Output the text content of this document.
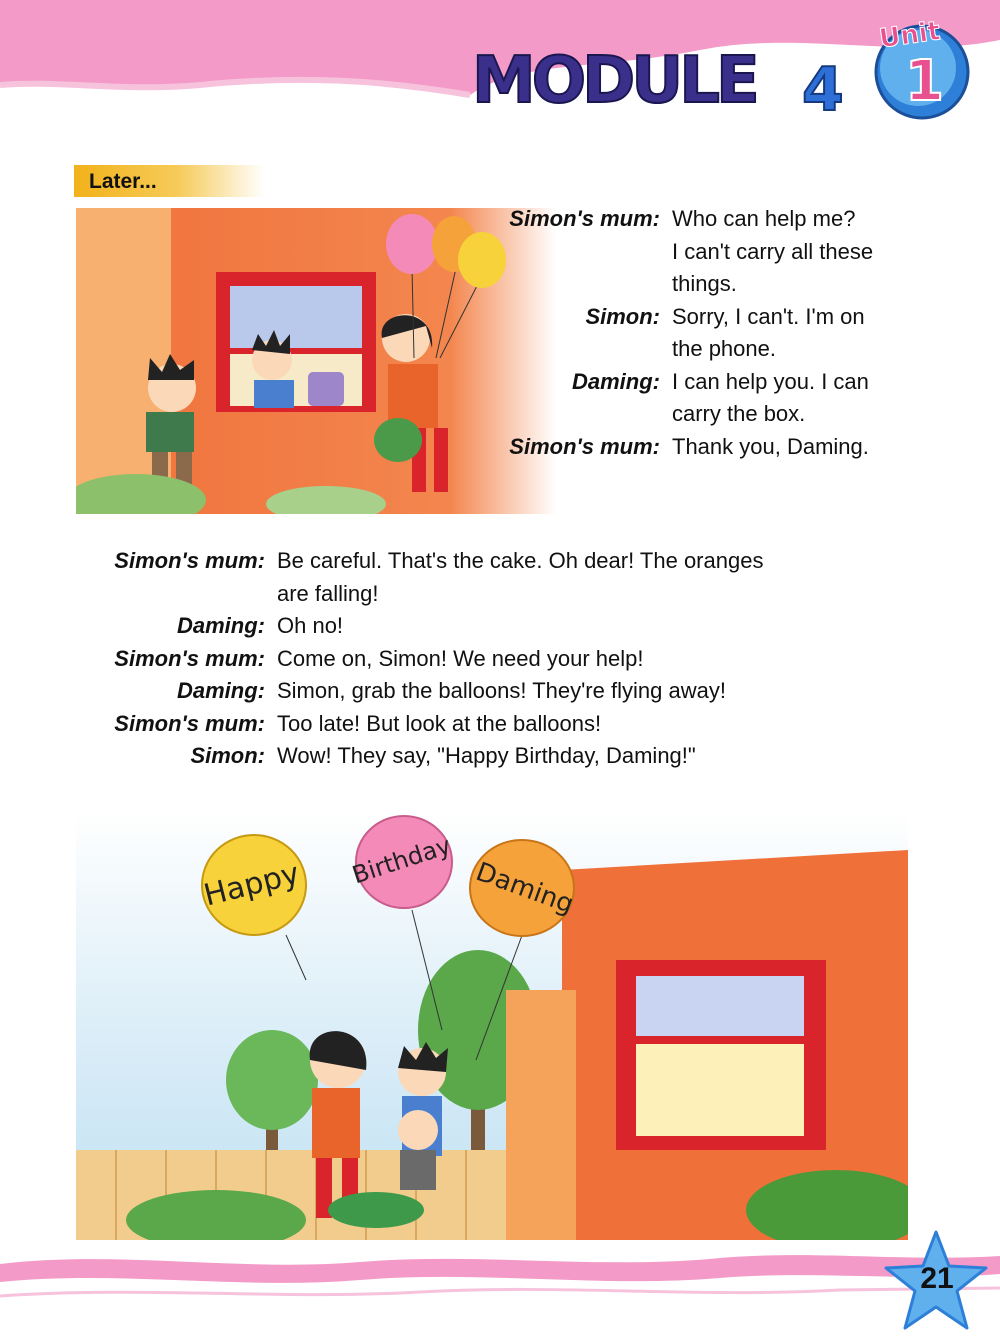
MODULE 4
Unit
1
Later...
Simon's mum: Who can help me?
I can't carry all these
things.
Simon: Sorry, I can't. I'm on
the phone.
Daming: I can help you. I can
carry the box.
Simon's mum: Thank you, Daming.
Simon's mum: Be careful. That's the cake. Oh dear! The oranges
are falling!
Daming: Oh no!
Simon's mum: Come on, Simon! We need your help!
Daming: Simon, grab the balloons! They're flying away!
Simon's mum: Too late! But look at the balloons!
Simon: Wow! They say, "Happy Birthday, Daming!"
Happy Birthday Daming
21
